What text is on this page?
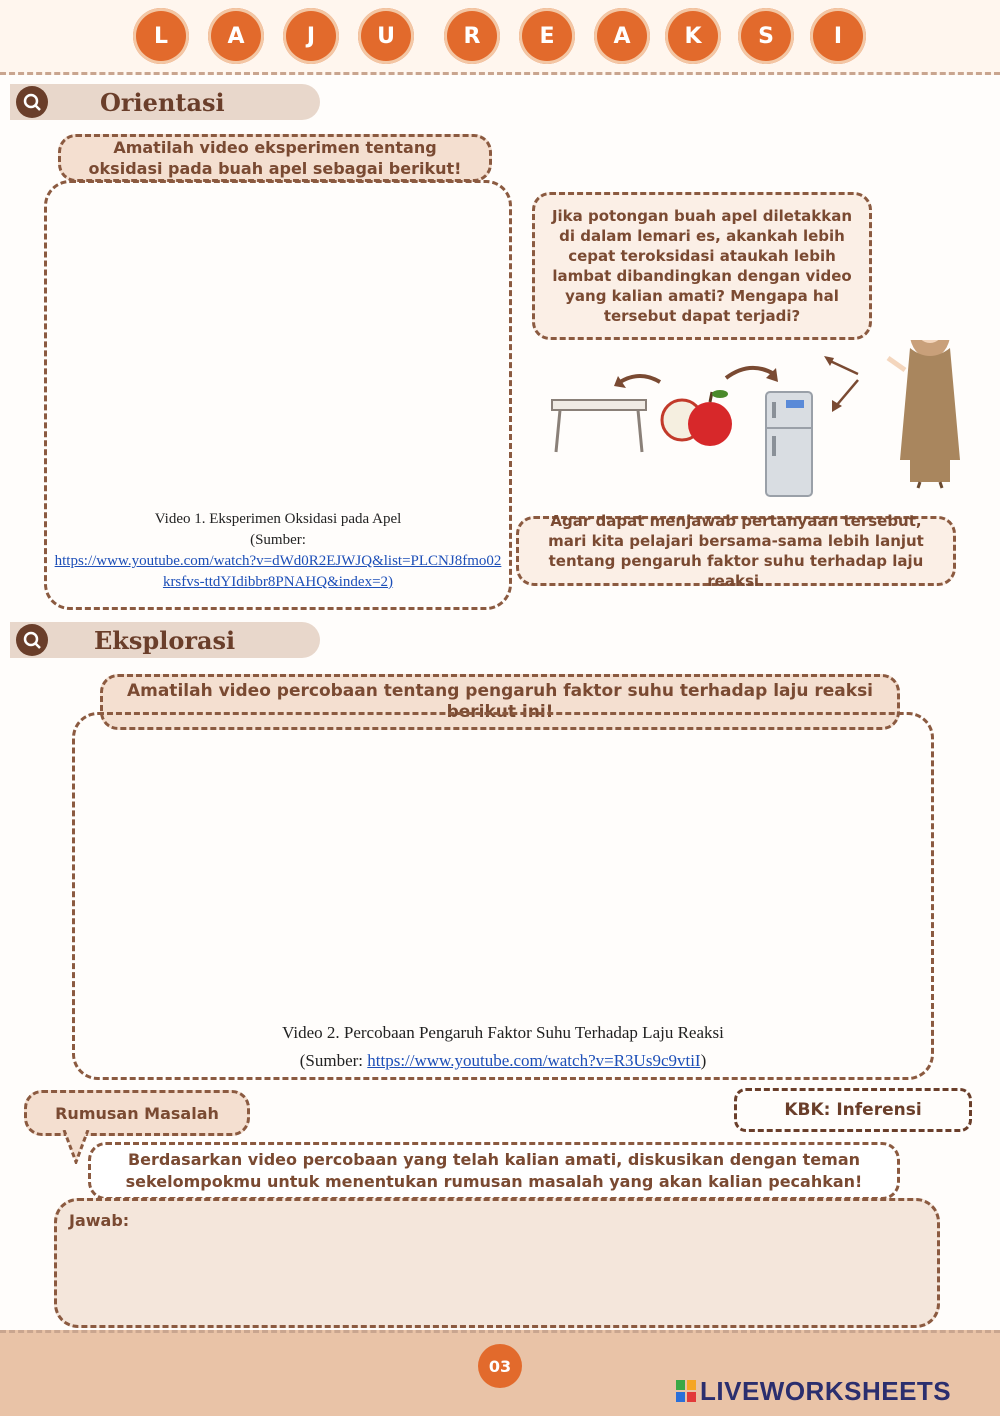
L	A	J	U	R	E	A	K	S	I
Orientasi
Amatilah video eksperimen tentang oksidasi pada buah apel sebagai berikut!
Video 1. Eksperimen Oksidasi pada Apel
(Sumber:
https://www.youtube.com/watch?v=dWd0R2EJWJQ&list=PLCNJ8fmo02krsfvs-ttdYIdibbr8PNAHQ&index=2)
Jika potongan buah apel diletakkan di dalam lemari es, akankah lebih cepat teroksidasi ataukah lebih lambat dibandingkan dengan video yang kalian amati? Mengapa hal tersebut dapat terjadi?
Agar dapat menjawab pertanyaan tersebut, mari kita pelajari bersama-sama lebih lanjut tentang pengaruh faktor suhu terhadap laju reaksi.
Eksplorasi
Amatilah video percobaan tentang pengaruh faktor suhu terhadap laju reaksi berikut ini!
Video 2. Percobaan Pengaruh Faktor Suhu Terhadap Laju Reaksi
(Sumber: https://www.youtube.com/watch?v=R3Us9c9vtiI)
Rumusan Masalah	KBK: Inferensi
Berdasarkan video percobaan yang telah kalian amati, diskusikan dengan teman sekelompokmu untuk menentukan rumusan masalah yang akan kalian pecahkan!
Jawab:
03
LIVEWORKSHEETS
